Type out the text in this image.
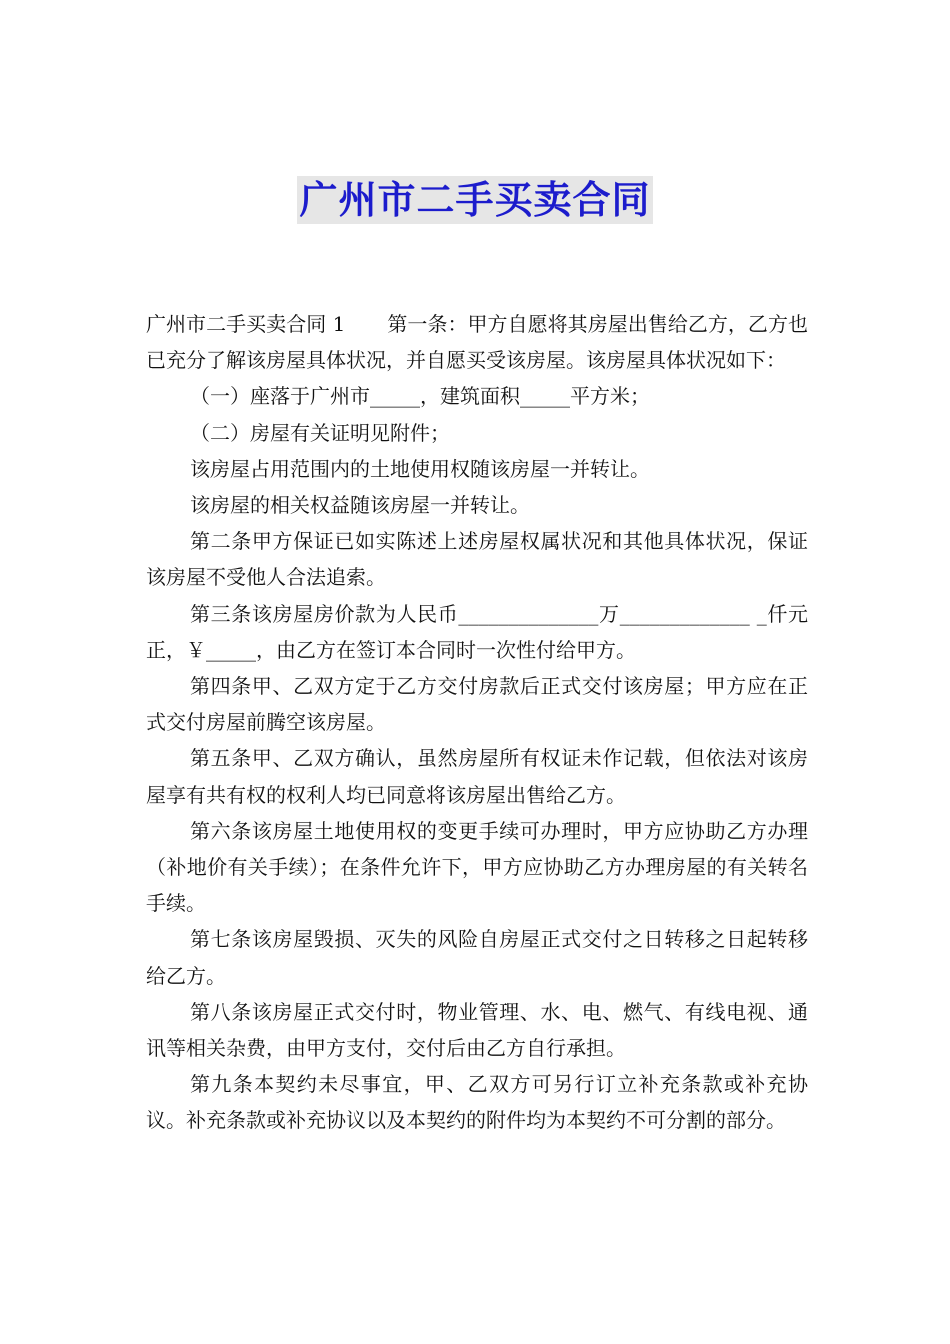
广州市二手买卖合同

广州市二手买卖合同 1 第一条：甲方自愿将其房屋出售给乙方，乙方也已充分了解该房屋具体状况，并自愿买受该房屋。该房屋具体状况如下：

（一）座落于广州市_____，建筑面积_____平方米；

（二）房屋有关证明见附件；

该房屋占用范围内的土地使用权随该房屋一并转让。

该房屋的相关权益随该房屋一并转让。

第二条甲方保证已如实陈述上述房屋权属状况和其他具体状况，保证该房屋不受他人合法追索。

第三条该房屋房价款为人民币______________万_____________ _仟元正，￥_____，由乙方在签订本合同时一次性付给甲方。

第四条甲、乙双方定于乙方交付房款后正式交付该房屋；甲方应在正式交付房屋前腾空该房屋。

第五条甲、乙双方确认，虽然房屋所有权证未作记载，但依法对该房屋享有共有权的权利人均已同意将该房屋出售给乙方。

第六条该房屋土地使用权的变更手续可办理时，甲方应协助乙方办理（补地价有关手续）；在条件允许下，甲方应协助乙方办理房屋的有关转名手续。

第七条该房屋毁损、灭失的风险自房屋正式交付之日转移之日起转移给乙方。

第八条该房屋正式交付时，物业管理、水、电、燃气、有线电视、通讯等相关杂费，由甲方支付，交付后由乙方自行承担。

第九条本契约未尽事宜，甲、乙双方可另行订立补充条款或补充协议。补充条款或补充协议以及本契约的附件均为本契约不可分割的部分。
